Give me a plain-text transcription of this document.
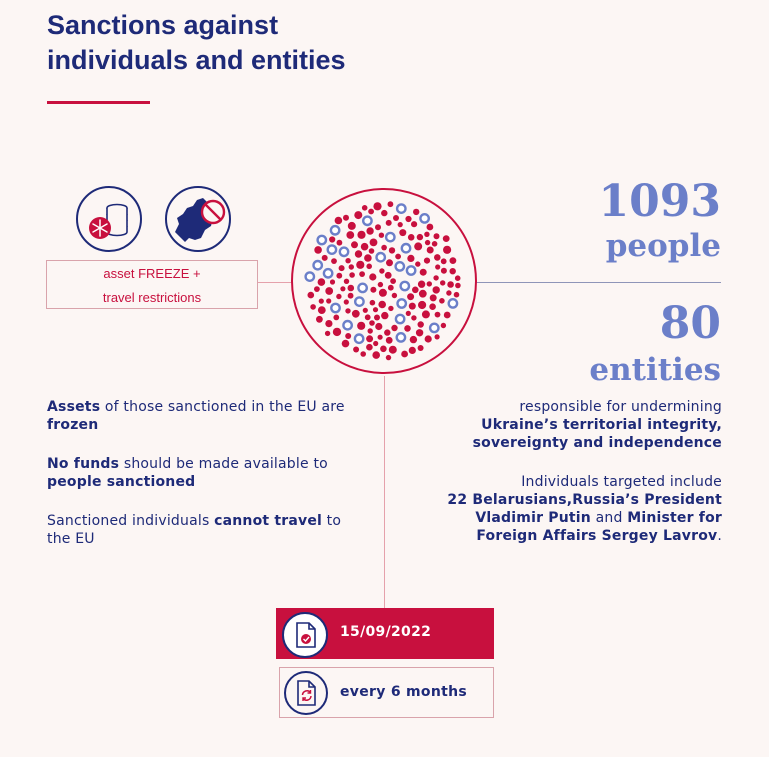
Sanctions against
individuals and entities
asset FREEZE +
travel restrictions
1093
people
80
entities
Assets of those sanctioned in the EU are frozen
No funds should be made available to people sanctioned
Sanctioned individuals cannot travel to the EU
responsible for undermining
Ukraine’s territorial integrity,
sovereignty and independence
Individuals targeted include
22 Belarusians,Russia’s President
Vladimir Putin and Minister for
Foreign Affairs Sergey Lavrov.
15/09/2022
every 6 months
